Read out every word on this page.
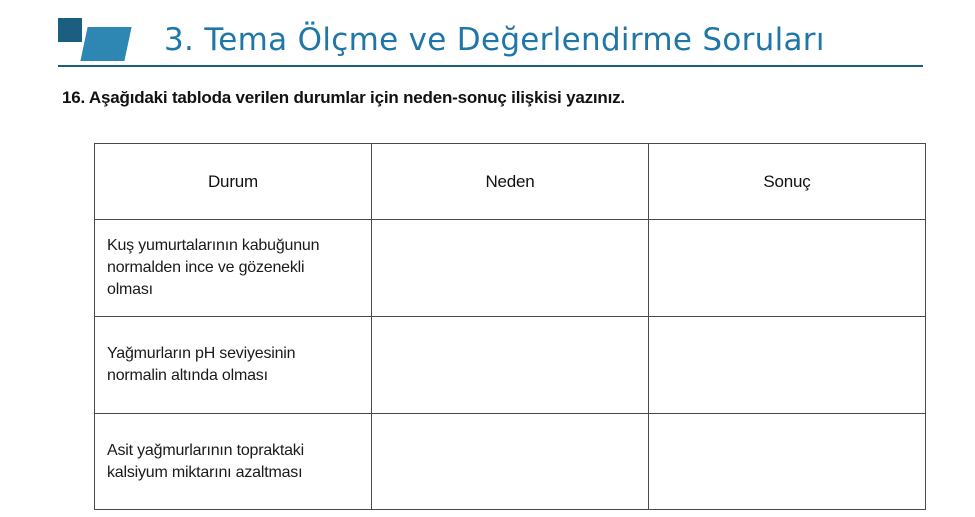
3. Tema Ölçme ve Değerlendirme Soruları
16. Aşağıdaki tabloda verilen durumlar için neden-sonuç ilişkisi yazınız.
Durum	Neden	Sonuç

Kuş yumurtalarının kabuğunun
normalden ince ve gözenekli
olması		

Yağmurların pH seviyesinin
normalin altında olması		

Asit yağmurlarının topraktaki
kalsiyum miktarını azaltması		
